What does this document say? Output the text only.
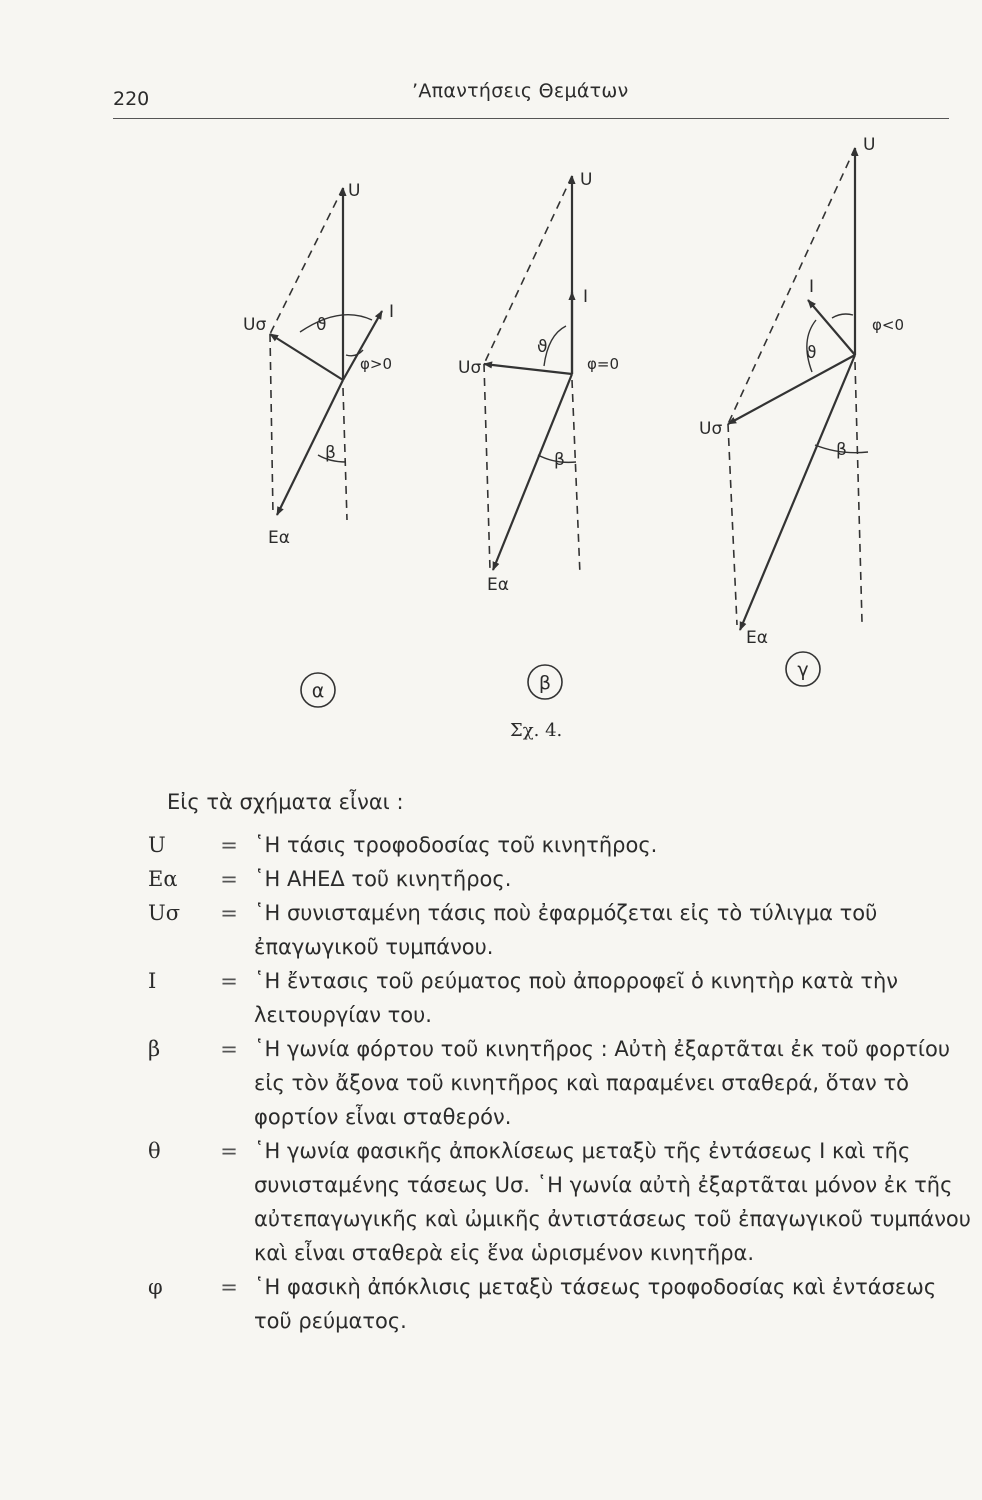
220	’Απαντήσεις Θεμάτων
U
Uσ
I
ϑ
φ>0
β
Εα
α
U
Uσ
I
ϑ
φ=0
β
Εα
β
U
Uσ
I
ϑ
φ<0
β
Εα
γ
Σχ. 4.
Εἰς τὰ σχήματα εἶναι :
U	= ῾Η τάσις τροφοδοσίας τοῦ κινητῆρος.
Eα	= ῾Η ΑΗΕΔ τοῦ κινητῆρος.
Uσ	= ῾Η συνισταμένη τάσις ποὺ ἐφαρμόζεται εἰς τὸ τύλιγμα τοῦ ἐπαγωγικοῦ τυμπάνου.
I	= ῾Η ἔντασις τοῦ ρεύματος ποὺ ἀπορροφεῖ ὁ κινητὴρ κατὰ τὴν λειτουργίαν του.
β	= ῾Η γωνία φόρτου τοῦ κινητῆρος : Αὐτὴ ἐξαρτᾶται ἐκ τοῦ φορτίου εἰς τὸν ἄξονα τοῦ κινητῆρος καὶ παραμένει σταθερά, ὅταν τὸ φορτίον εἶναι σταθερόν.
θ	= ῾Η γωνία φασικῆς ἀποκλίσεως μεταξὺ τῆς ἐντάσεως I καὶ τῆς συνισταμένης τάσεως Uσ. ῾Η γωνία αὐτὴ ἐξαρτᾶται μόνον ἐκ τῆς αὐτεπαγωγικῆς καὶ ὠμικῆς ἀντιστάσεως τοῦ ἐπαγωγικοῦ τυμπάνου καὶ εἶναι σταθερὰ εἰς ἕνα ὡρισμένον κινητῆρα.
φ	= ῾Η φασικὴ ἀπόκλισις μεταξὺ τάσεως τροφοδοσίας καὶ ἐντάσεως τοῦ ρεύματος.
